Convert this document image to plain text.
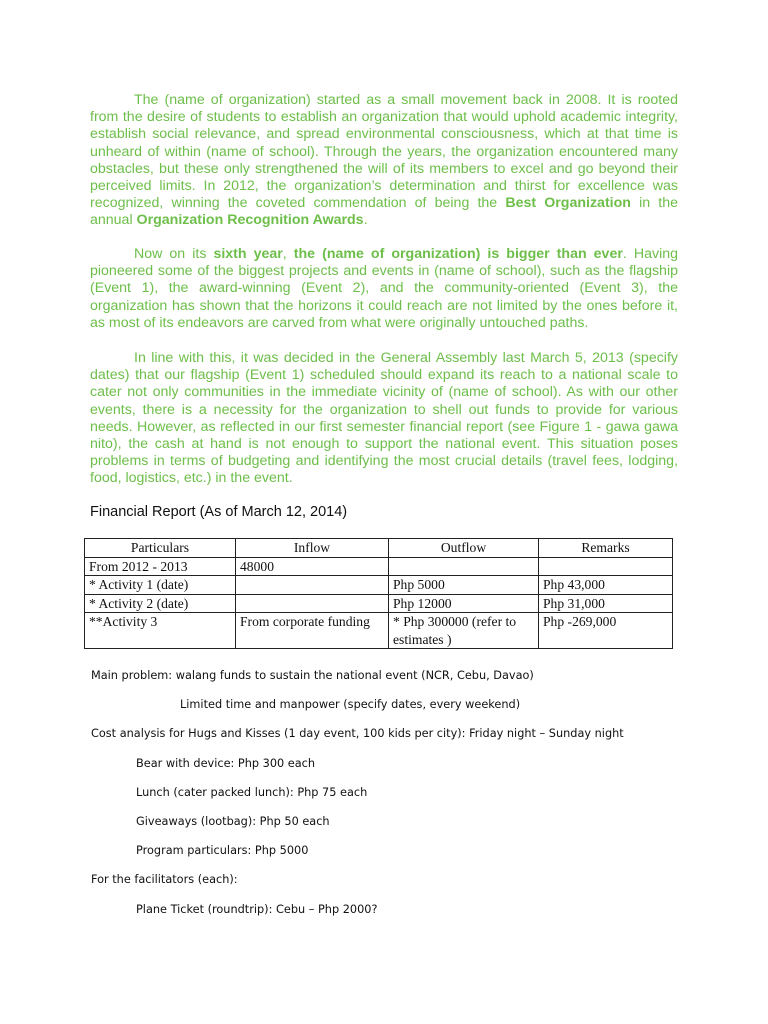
The (name of organization) started as a small movement back in 2008. It is rooted from the desire of students to establish an organization that would uphold academic integrity, establish social relevance, and spread environmental consciousness, which at that time is unheard of within (name of school). Through the years, the organization encountered many obstacles, but these only strengthened the will of its members to excel and go beyond their perceived limits. In 2012, the organization’s determination and thirst for excellence was recognized, winning the coveted commendation of being the Best Organization in the annual Organization Recognition Awards.

Now on its sixth year, the (name of organization) is bigger than ever. Having pioneered some of the biggest projects and events in (name of school), such as the flagship (Event 1), the award-winning (Event 2), and the community-oriented (Event 3), the organization has shown that the horizons it could reach are not limited by the ones before it, as most of its endeavors are carved from what were originally untouched paths.

In line with this, it was decided in the General Assembly last March 5, 2013 (specify dates) that our flagship (Event 1) scheduled should expand its reach to a national scale to cater not only communities in the immediate vicinity of (name of school). As with our other events, there is a necessity for the organization to shell out funds to provide for various needs. However, as reflected in our first semester financial report (see Figure 1 - gawa gawa nito), the cash at hand is not enough to support the national event. This situation poses problems in terms of budgeting and identifying the most crucial details (travel fees, lodging, food, logistics, etc.) in the event.

Financial Report (As of March 12, 2014)

Particulars	Inflow	Outflow	Remarks
From 2012 - 2013	48000		
* Activity 1 (date)		Php 5000	Php 43,000
* Activity 2 (date)		Php 12000	Php 31,000
**Activity 3	From corporate funding	* Php 300000 (refer to estimates )	Php -269,000

Main problem: walang funds to sustain the national event (NCR, Cebu, Davao)

Limited time and manpower (specify dates, every weekend)

Cost analysis for Hugs and Kisses (1 day event, 100 kids per city): Friday night – Sunday night

Bear with device: Php 300 each

Lunch (cater packed lunch): Php 75 each

Giveaways (lootbag): Php 50 each

Program particulars: Php 5000

For the facilitators (each):

Plane Ticket (roundtrip): Cebu – Php 2000?
